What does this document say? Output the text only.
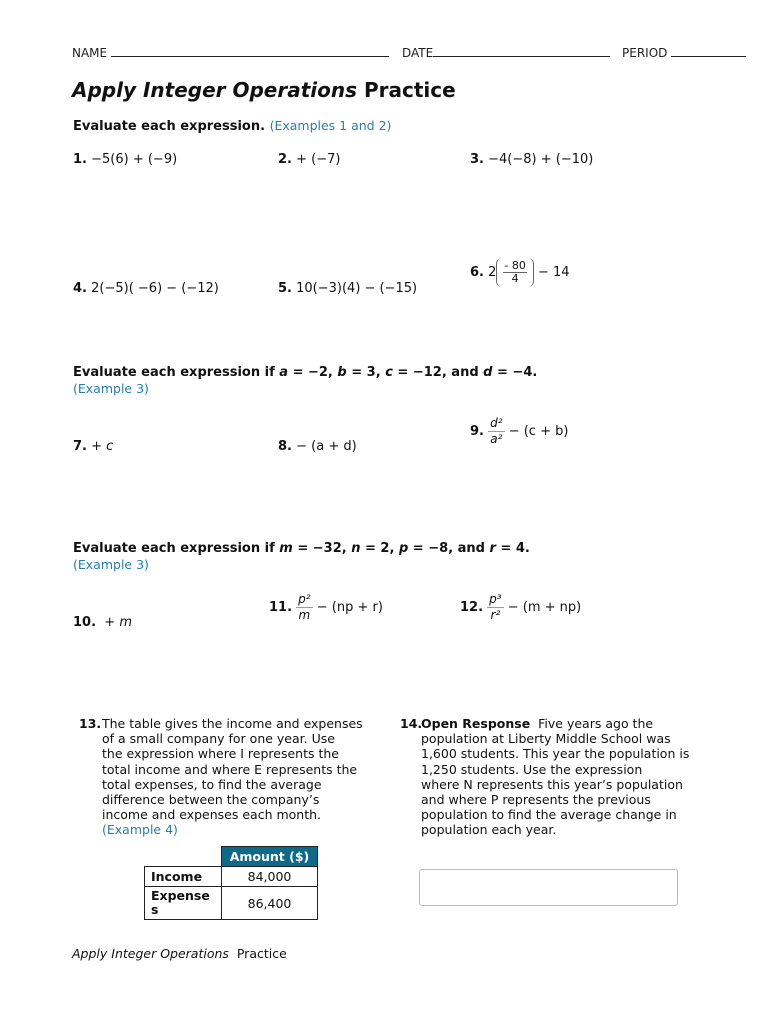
NAME	DATE	PERIOD
Apply Integer Operations Practice
Evaluate each expression. (Examples 1 and 2)
1. −5(6) + (−9)	2. + (−7)	3. −4(−8) + (−10)
4. 2(−5)( −6) − (−12)	5. 10(−3)(4) − (−15)
6. $2 \frac{- 80}{4} - 14$
Evaluate each expression if a = −2, b = 3, c = −12, and d = −4.
(Example 3)
7. + c	8. − (a + d)
9. $\frac{\text{d²}}{\text{a²}} - (c + b)$
Evaluate each expression if m = −32, n = 2, p = −8, and r = 4.
(Example 3)
10. + m
11. $\frac{\text{p²}}{m} - (np + r)$	12. $\frac{\text{p³}}{\text{r²}} - (m + np)$
13. The table gives the income and expenses
of a small company for one year. Use
the expression where I represents the
total income and where E represents the
total expenses, to find the average
difference between the company’s
income and expenses each month.
(Example 4)
	Amount ($)
Income	84,000
Expenses	86,400
14.
Open Response Five years ago the
population at Liberty Middle School was
1,600 students. This year the population is
1,250 students. Use the expression
where N represents this year’s population
and where P represents the previous
population to find the average change in
population each year.
Apply Integer Operations  Practice
